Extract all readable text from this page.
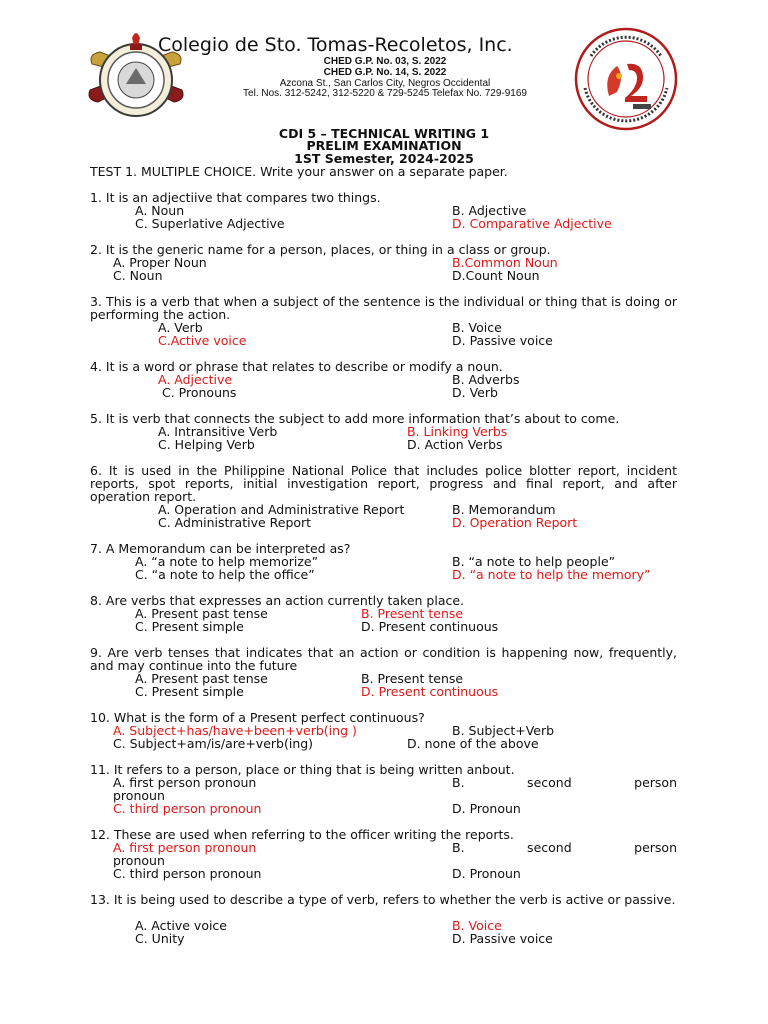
Colegio de Sto. Tomas-Recoletos, Inc.
CHED G.P. No. 03, S. 2022
CHED G.P. No. 14, S. 2022
Azcona St., San Carlos City, Negros Occidental
Tel. Nos. 312-5242, 312-5220 & 729-5245 Telefax No. 729-9169
CDI 5 – TECHNICAL WRITING 1
PRELIM EXAMINATION
1ST Semester, 2024-2025
TEST 1. MULTIPLE CHOICE. Write your answer on a separate paper.
1. It is an adjectiive that compares two things.
A. Noun	B. Adjective
C. Superlative Adjective	D. Comparative Adjective
2. It is the generic name for a person, places, or thing in a class or group.
A. Proper Noun	B.Common Noun
C. Noun	D.Count Noun
3. This is a verb that when a subject of the sentence is the individual or thing that is doing or performing the action.
A. Verb	B. Voice
C.Active voice	D. Passive voice
4. It is a word or phrase that relates to describe or modify a noun.
A. Adjective	B. Adverbs
C. Pronouns	D. Verb
5. It is verb that connects the subject to add more information that’s about to come.
A. Intransitive Verb	B. Linking Verbs
C. Helping Verb	D. Action Verbs
6. It is used in the Philippine National Police that includes police blotter report, incident reports, spot reports, initial investigation report, progress and final report, and after operation report.
A. Operation and Administrative Report	B. Memorandum
C. Administrative Report	D. Operation Report
7. A Memorandum can be interpreted as?
A. “a note to help memorize”	B. “a note to help people”
C. “a note to help the office”	D. “a note to help the memory”
8. Are verbs that expresses an action currently taken place.
A. Present past tense	B. Present tense
C. Present simple	D. Present continuous
9. Are verb tenses that indicates that an action or condition is happening now, frequently, and may continue into the future
A. Present past tense	B. Present tense
C. Present simple	D. Present continuous
10. What is the form of a Present perfect continuous?
A. Subject+has/have+been+verb(ing )	B. Subject+Verb
C. Subject+am/is/are+verb(ing)	D. none of the above
11. It refers to a person, place or thing that is being written anbout.
A. first person pronoun	B. second person
pronoun
C. third person pronoun	D. Pronoun
12. These are used when referring to the officer writing the reports.
A. first person pronoun	B. second person
pronoun
C. third person pronoun	D. Pronoun
13. It is being used to describe a type of verb, refers to whether the verb is active or passive.
A. Active voice	B. Voice
C. Unity	D. Passive voice
